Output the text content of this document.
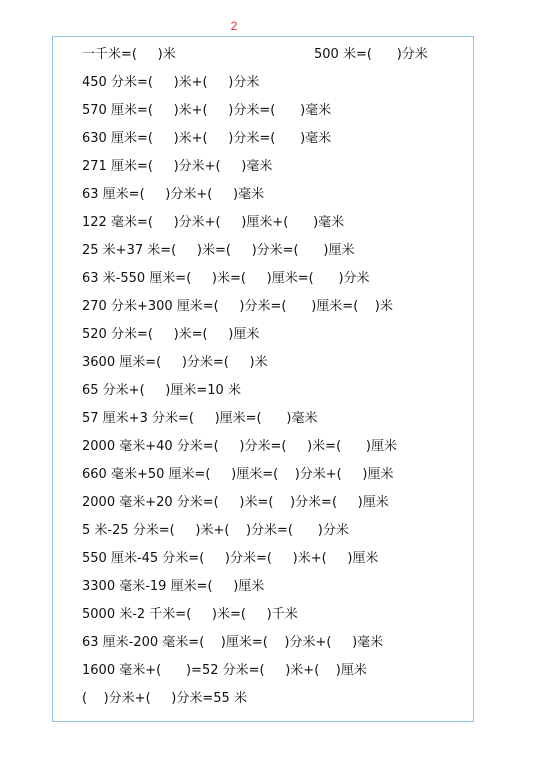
2
一千米=(     )米	500 米=(      )分米
450 分米=(     )米+(     )分米
570 厘米=(     )米+(     )分米=(      )毫米
630 厘米=(     )米+(     )分米=(      )毫米
271 厘米=(     )分米+(     )毫米
63 厘米=(     )分米+(     )毫米
122 毫米=(     )分米+(     )厘米+(      )毫米
25 米+37 米=(     )米=(     )分米=(      )厘米
63 米-550 厘米=(     )米=(     )厘米=(      )分米
270 分米+300 厘米=(     )分米=(      )厘米=(    )米
520 分米=(     )米=(     )厘米
3600 厘米=(     )分米=(     )米
65 分米+(     )厘米=10 米
57 厘米+3 分米=(     )厘米=(      )毫米
2000 毫米+40 分米=(     )分米=(     )米=(      )厘米
660 毫米+50 厘米=(     )厘米=(    )分米+(     )厘米
2000 毫米+20 分米=(     )米=(    )分米=(     )厘米
5 米-25 分米=(     )米+(    )分米=(      )分米
550 厘米-45 分米=(     )分米=(     )米+(     )厘米
3300 毫米-19 厘米=(     )厘米
5000 米-2 千米=(     )米=(     )千米
63 厘米-200 毫米=(    )厘米=(    )分米+(     )毫米
1600 毫米+(      )=52 分米=(     )米+(    )厘米
(    )分米+(     )分米=55 米
